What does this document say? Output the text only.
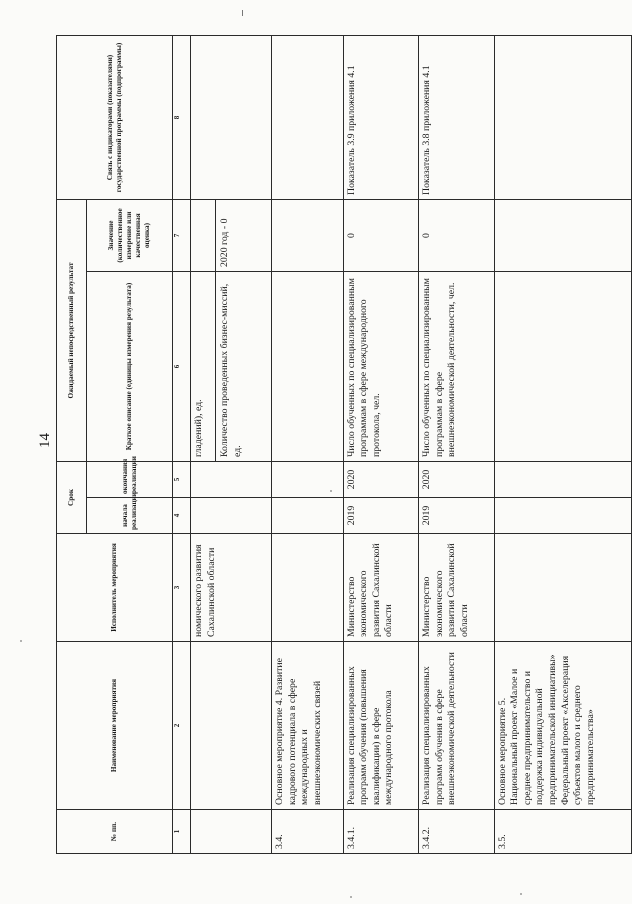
14
№ пп.	Наименование мероприятия	Исполнитель мероприятия	Срок		Ожидаемый непосредственный результат		Связь с индикаторами (показателями) государственной программы (подпрограммы)
			начала реализации	окончания реализации	Краткое описание (единицы измерения результата)	Значение (количественное измерение или качественная оценка)	
1	2	3	4	5	6	7	8
		номического развития Сахалинской области			гладений), ед. Количество проведенных бизнес-миссий, ед.	2020 год - 0	

3.4.	Основное мероприятие 4. Развитие кадрового потенциала в сфере международных и внешнеэкономических связей						
3.4.1.	Реализация специализированных программ обучения (повышения квалификации) в сфере международного протокола	Министерство экономического развития Сахалинской области	2019	2020	Число обученных по специализированным программам в сфере международного протокола, чел.	0	Показатель 3.9 приложения 4.1
3.4.2.	Реализация специализированных программ обучения в сфере внешнеэкономической деятельности	Министерство экономического развития Сахалинской области	2019	2020	Число обученных по специализированным программам в сфере внешнеэкономической деятельности, чел.	0	Показатель 3.8 приложения 4.1
3.5.	Основное мероприятие 5. Национальный проект «Малое и среднее предпринимательство и поддержка индивидуальной предпринимательской инициативы» Федеральный проект «Акселерация субъектов малого и среднего предпринимательства»						
